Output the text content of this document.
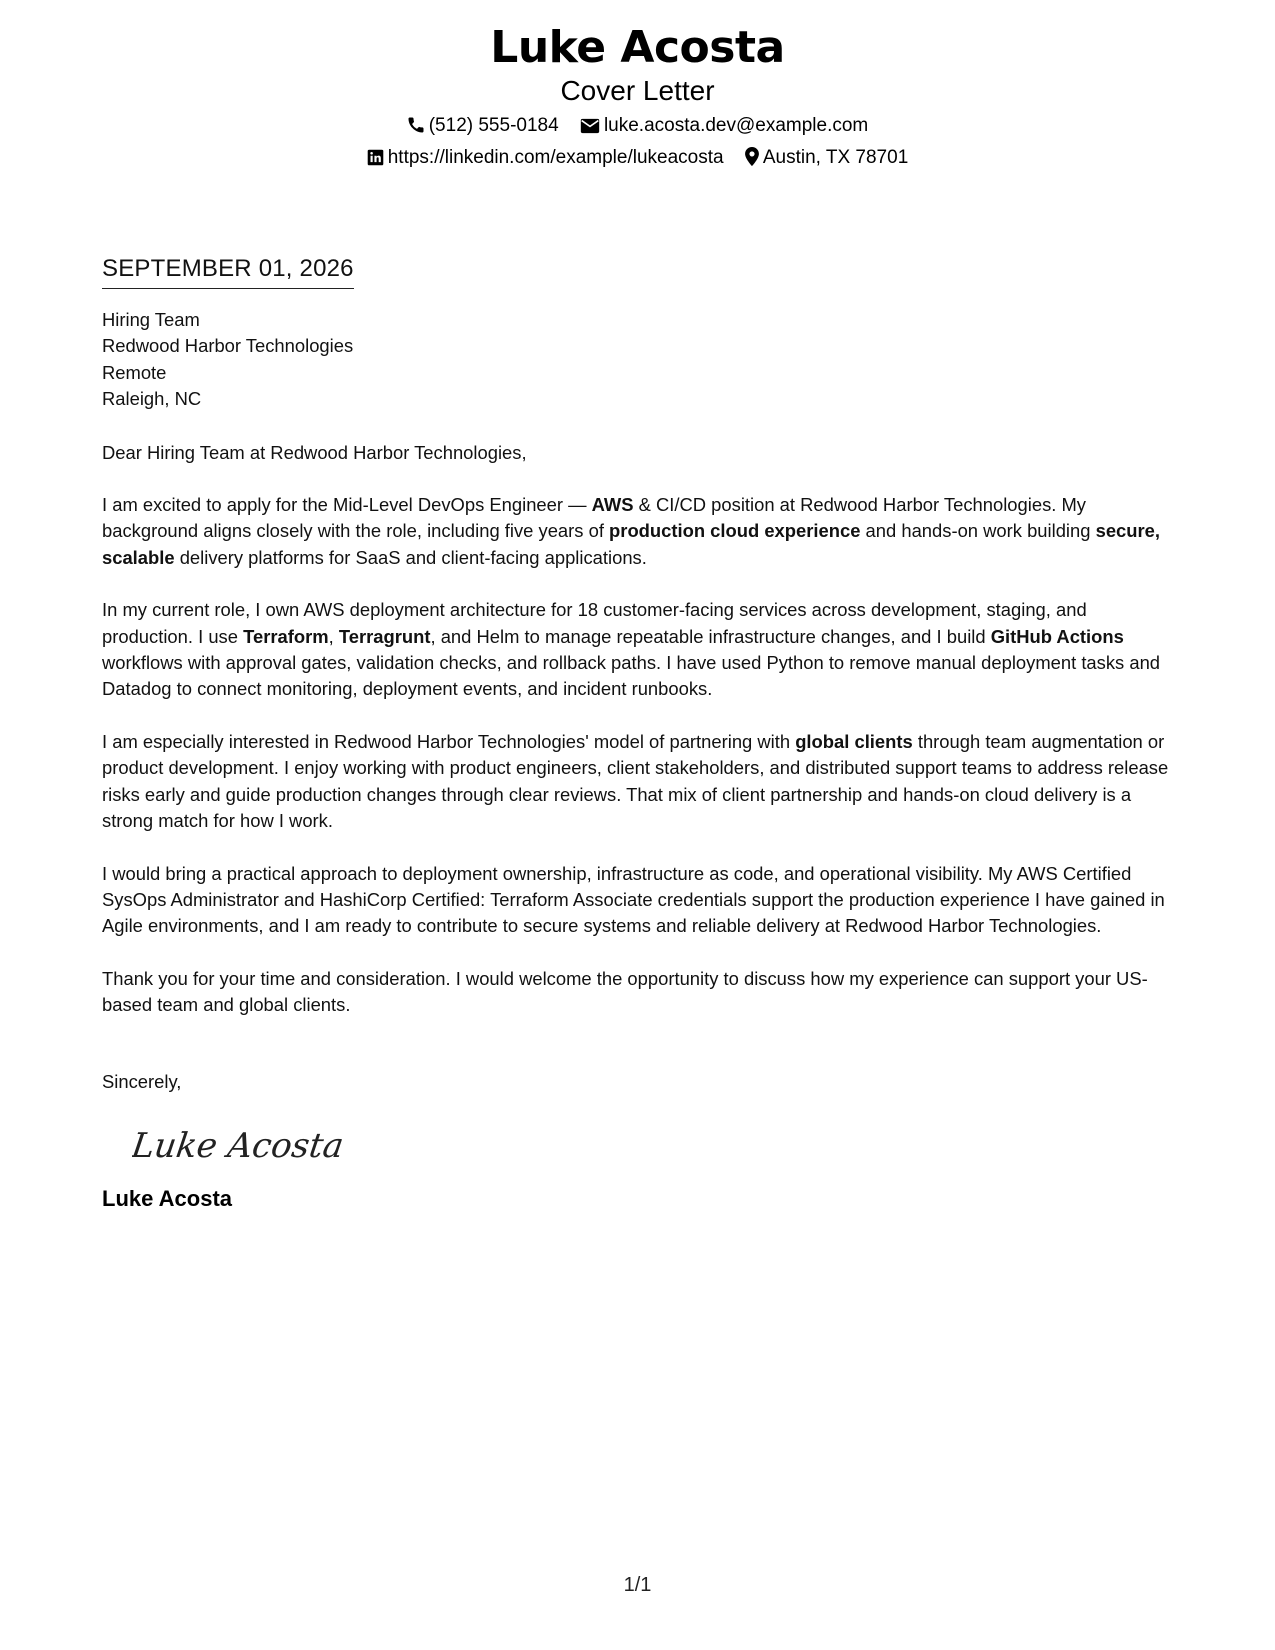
Luke Acosta
Cover Letter
(512) 555-0184 luke.acosta.dev@example.com
https://linkedin.com/example/lukeacosta Austin, TX 78701
SEPTEMBER 01, 2026
Hiring Team
Redwood Harbor Technologies
Remote
Raleigh, NC
Dear Hiring Team at Redwood Harbor Technologies,

I am excited to apply for the Mid-Level DevOps Engineer — AWS & CI/CD position at Redwood Harbor Technologies. My background aligns closely with the role, including five years of production cloud experience and hands-on work building secure, scalable delivery platforms for SaaS and client-facing applications.

In my current role, I own AWS deployment architecture for 18 customer-facing services across development, staging, and production. I use Terraform, Terragrunt, and Helm to manage repeatable infrastructure changes, and I build GitHub Actions workflows with approval gates, validation checks, and rollback paths. I have used Python to remove manual deployment tasks and Datadog to connect monitoring, deployment events, and incident runbooks.

I am especially interested in Redwood Harbor Technologies' model of partnering with global clients through team augmentation or product development. I enjoy working with product engineers, client stakeholders, and distributed support teams to address release risks early and guide production changes through clear reviews. That mix of client partnership and hands-on cloud delivery is a strong match for how I work.

I would bring a practical approach to deployment ownership, infrastructure as code, and operational visibility. My AWS Certified SysOps Administrator and HashiCorp Certified: Terraform Associate credentials support the production experience I have gained in Agile environments, and I am ready to contribute to secure systems and reliable delivery at Redwood Harbor Technologies.

Thank you for your time and consideration. I would welcome the opportunity to discuss how my experience can support your US-based team and global clients.

Sincerely,
Luke Acosta
Luke Acosta
1/1
